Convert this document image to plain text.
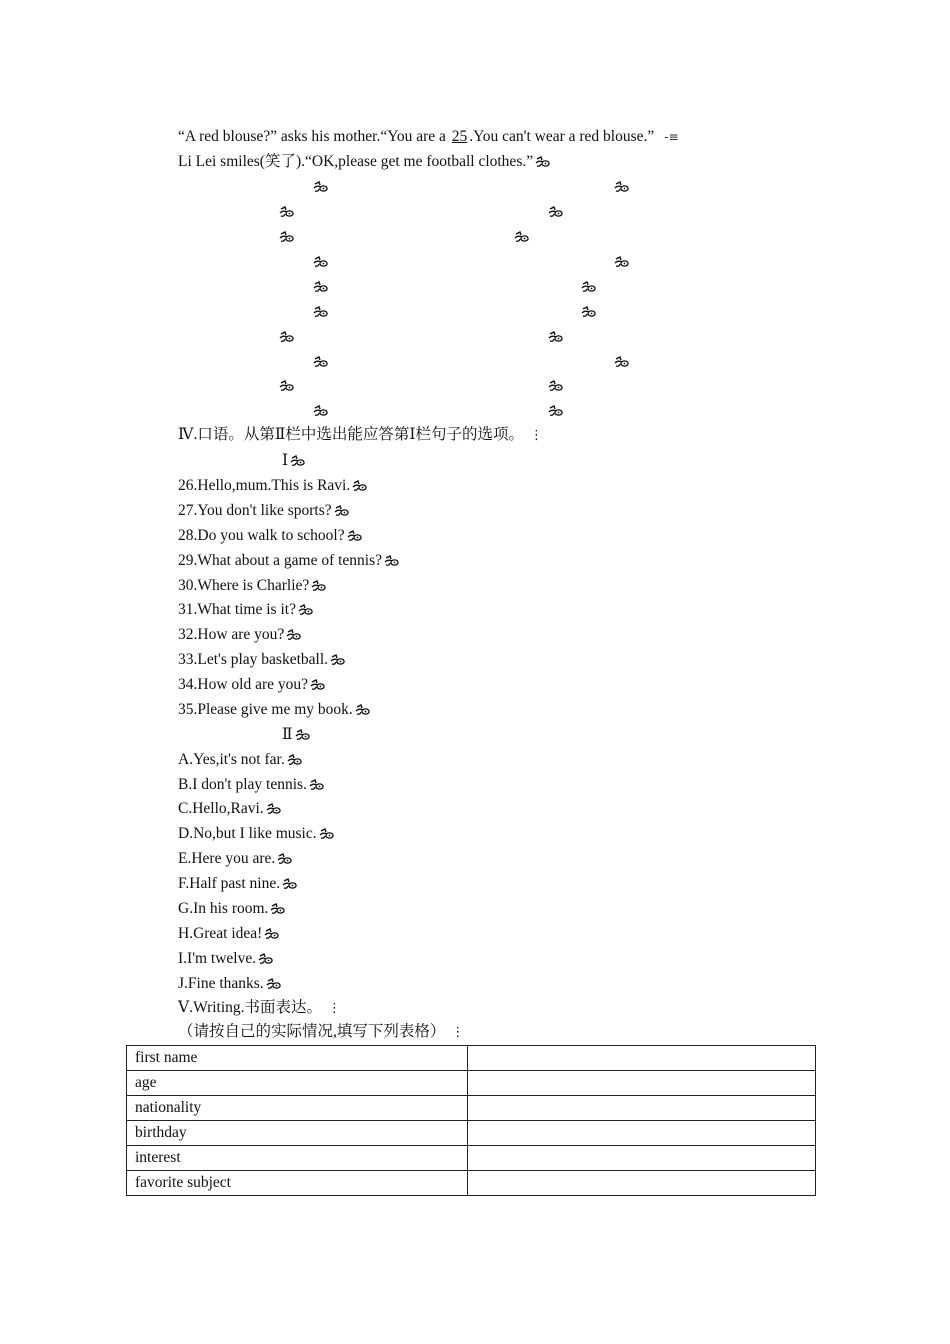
“A red blouse?” asks his mother.“You are a 25 .You can't wear a red blouse.” -≡
Li Lei smiles(笑了).“OK,please get me football clothes.”
Ⅳ.口语。从第Ⅱ栏中选出能应答第Ⅰ栏句子的选项。 ⋮
Ⅰ
26.Hello,mum.This is Ravi.
27.You don't like sports?
28.Do you walk to school?
29.What about a game of tennis?
30.Where is Charlie?
31.What time is it?
32.How are you?
33.Let's play basketball.
34.How old are you?
35.Please give me my book.
Ⅱ
A.Yes,it's not far.
B.I don't play tennis.
C.Hello,Ravi.
D.No,but I like music.
E.Here you are.
F.Half past nine.
G.In his room.
H.Great idea!
I.I'm twelve.
J.Fine thanks.
Ⅴ.Writing.书面表达。 ⋮
（请按自己的实际情况,填写下列表格） ⋮
first name	
age	
nationality	
birthday	
interest	
favorite subject	
